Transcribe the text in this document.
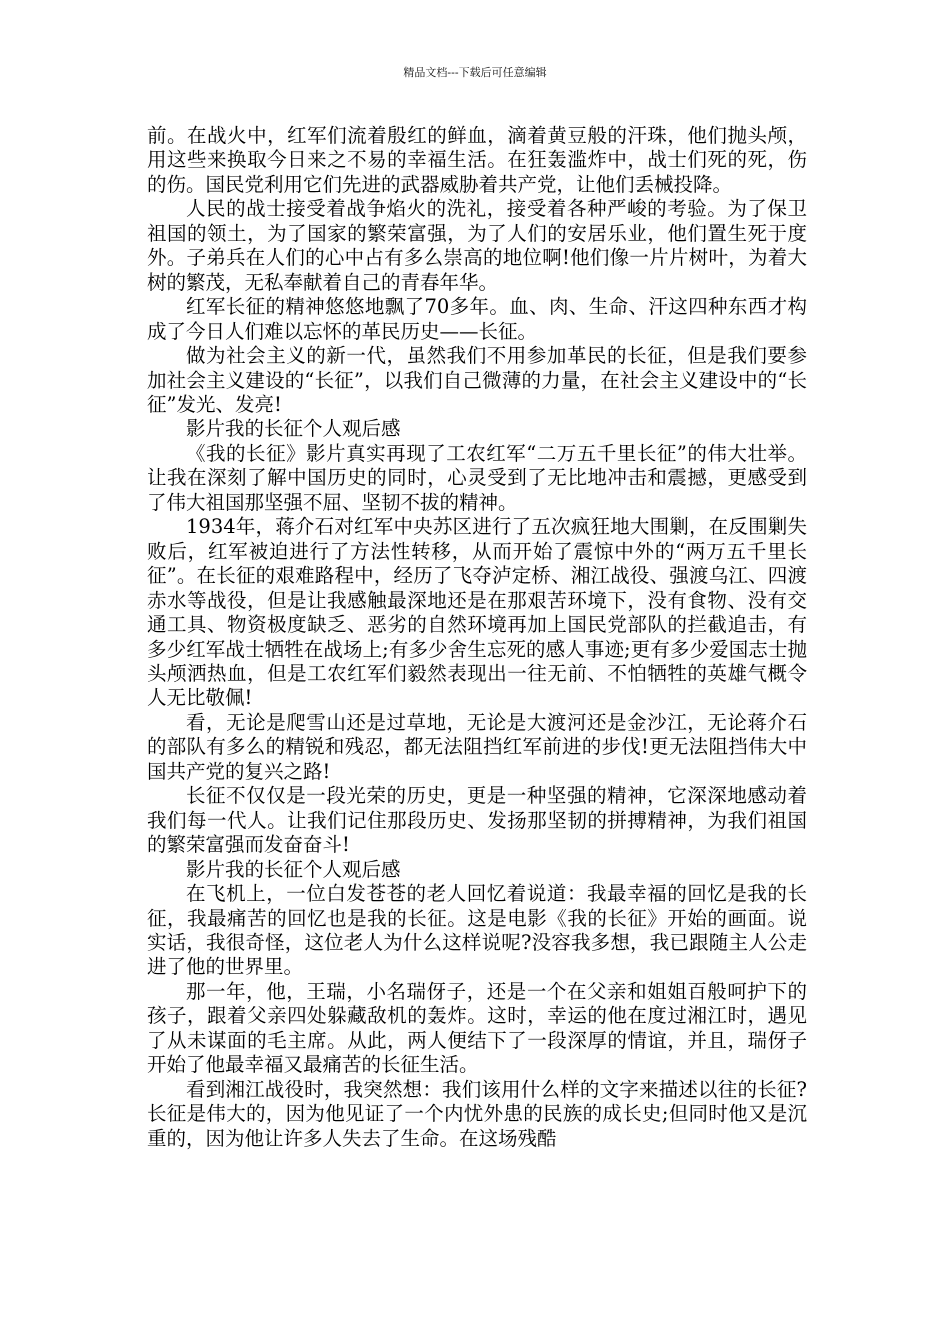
精品文档---下载后可任意编辑

前。在战火中，红军们流着殷红的鲜血，滴着黄豆般的汗珠，他们抛头颅，用这些来换取今日来之不易的幸福生活。在狂轰滥炸中，战士们死的死，伤的伤。国民党利用它们先进的武器威胁着共产党，让他们丢械投降。

人民的战士接受着战争焰火的洗礼，接受着各种严峻的考验。为了保卫祖国的领土，为了国家的繁荣富强，为了人们的安居乐业，他们置生死于度外。子弟兵在人们的心中占有多么崇高的地位啊!他们像一片片树叶，为着大树的繁茂，无私奉献着自己的青春年华。

红军长征的精神悠悠地飘了70多年。血、肉、生命、汗这四种东西才构成了今日人们难以忘怀的革民历史——长征。

做为社会主义的新一代，虽然我们不用参加革民的长征，但是我们要参加社会主义建设的“长征”，以我们自己微薄的力量，在社会主义建设中的“长征”发光、发亮!

影片我的长征个人观后感

《我的长征》影片真实再现了工农红军“二万五千里长征”的伟大壮举。让我在深刻了解中国历史的同时，心灵受到了无比地冲击和震撼，更感受到了伟大祖国那坚强不屈、坚韧不拔的精神。

1934年，蒋介石对红军中央苏区进行了五次疯狂地大围剿，在反围剿失败后，红军被迫进行了方法性转移，从而开始了震惊中外的“两万五千里长征”。在长征的艰难路程中，经历了飞夺泸定桥、湘江战役、强渡乌江、四渡赤水等战役，但是让我感触最深地还是在那艰苦环境下，没有食物、没有交通工具、物资极度缺乏、恶劣的自然环境再加上国民党部队的拦截追击，有多少红军战士牺牲在战场上;有多少舍生忘死的感人事迹;更有多少爱国志士抛头颅洒热血，但是工农红军们毅然表现出一往无前、不怕牺牲的英雄气概令人无比敬佩!

看，无论是爬雪山还是过草地，无论是大渡河还是金沙江，无论蒋介石的部队有多么的精锐和残忍，都无法阻挡红军前进的步伐!更无法阻挡伟大中国共产党的复兴之路!

长征不仅仅是一段光荣的历史，更是一种坚强的精神，它深深地感动着我们每一代人。让我们记住那段历史、发扬那坚韧的拼搏精神，为我们祖国的繁荣富强而发奋奋斗!

影片我的长征个人观后感

在飞机上，一位白发苍苍的老人回忆着说道：我最幸福的回忆是我的长征，我最痛苦的回忆也是我的长征。这是电影《我的长征》开始的画面。说实话，我很奇怪，这位老人为什么这样说呢?没容我多想，我已跟随主人公走进了他的世界里。

那一年，他，王瑞，小名瑞伢子，还是一个在父亲和姐姐百般呵护下的孩子，跟着父亲四处躲藏敌机的轰炸。这时，幸运的他在度过湘江时，遇见了从未谋面的毛主席。从此，两人便结下了一段深厚的情谊，并且，瑞伢子开始了他最幸福又最痛苦的长征生活。

看到湘江战役时，我突然想：我们该用什么样的文字来描述以往的长征?长征是伟大的，因为他见证了一个内忧外患的民族的成长史;但同时他又是沉重的，因为他让许多人失去了生命。在这场残酷
